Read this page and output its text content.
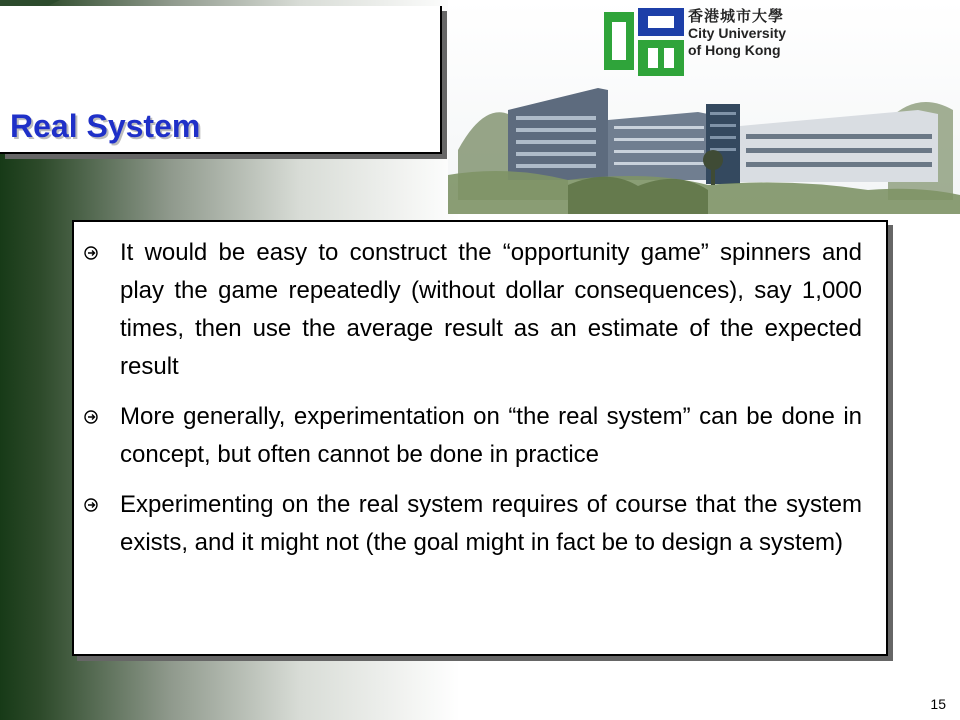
Real System
香港城市大學
City University
of Hong Kong
It would be easy to construct the “opportunity game” spinners and play the game repeatedly (without dollar consequences), say 1,000 times, then use the average result as an estimate of the expected result
More generally, experimentation on “the real system” can be done in concept, but often cannot be done in practice
Experimenting on the real system requires of course that the system exists, and it might not (the goal might in fact be to design a system)
15
